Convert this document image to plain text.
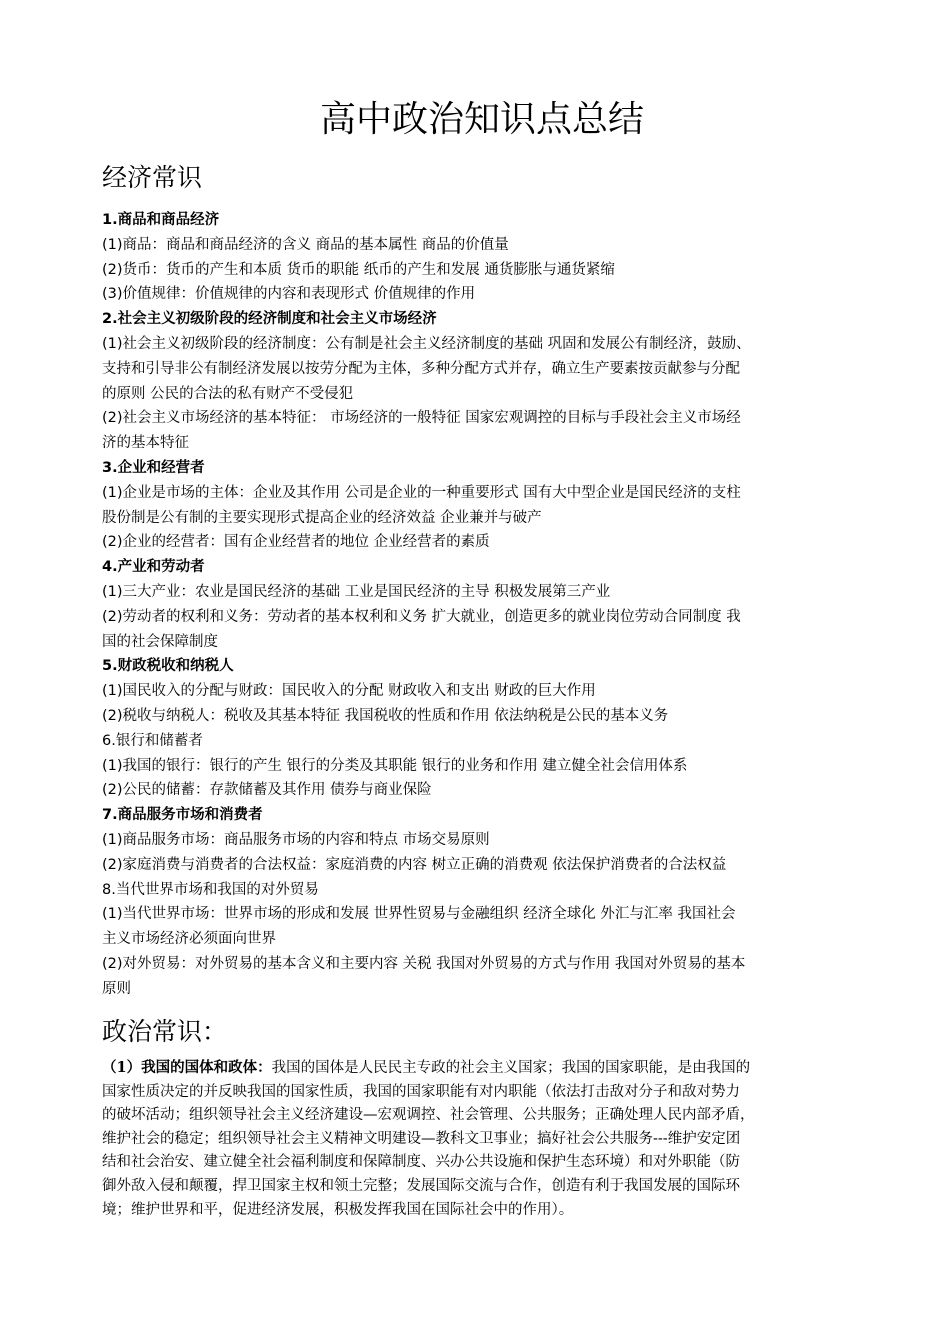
高中政治知识点总结
经济常识

1.商品和商品经济

(1)商品：商品和商品经济的含义 商品的基本属性 商品的价值量

(2)货币：货币的产生和本质 货币的职能 纸币的产生和发展 通货膨胀与通货紧缩

(3)价值规律：价值规律的内容和表现形式 价值规律的作用

2.社会主义初级阶段的经济制度和社会主义市场经济

(1)社会主义初级阶段的经济制度：公有制是社会主义经济制度的基础 巩固和发展公有制经济，鼓励、

支持和引导非公有制经济发展以按劳分配为主体，多种分配方式并存，确立生产要素按贡献参与分配

的原则 公民的合法的私有财产不受侵犯

(2)社会主义市场经济的基本特征： 市场经济的一般特征 国家宏观调控的目标与手段社会主义市场经

济的基本特征

3.企业和经营者

(1)企业是市场的主体：企业及其作用 公司是企业的一种重要形式 国有大中型企业是国民经济的支柱

股份制是公有制的主要实现形式提高企业的经济效益 企业兼并与破产

(2)企业的经营者：国有企业经营者的地位 企业经营者的素质

4.产业和劳动者

(1)三大产业：农业是国民经济的基础 工业是国民经济的主导 积极发展第三产业

(2)劳动者的权利和义务：劳动者的基本权利和义务 扩大就业，创造更多的就业岗位劳动合同制度 我

国的社会保障制度

5.财政税收和纳税人

(1)国民收入的分配与财政：国民收入的分配 财政收入和支出 财政的巨大作用

(2)税收与纳税人：税收及其基本特征 我国税收的性质和作用 依法纳税是公民的基本义务

6.银行和储蓄者

(1)我国的银行：银行的产生 银行的分类及其职能 银行的业务和作用 建立健全社会信用体系

(2)公民的储蓄：存款储蓄及其作用 债券与商业保险

7.商品服务市场和消费者

(1)商品服务市场：商品服务市场的内容和特点 市场交易原则

(2)家庭消费与消费者的合法权益：家庭消费的内容 树立正确的消费观 依法保护消费者的合法权益

8.当代世界市场和我国的对外贸易

(1)当代世界市场：世界市场的形成和发展 世界性贸易与金融组织 经济全球化 外汇与汇率 我国社会

主义市场经济必须面向世界

(2)对外贸易：对外贸易的基本含义和主要内容 关税 我国对外贸易的方式与作用 我国对外贸易的基本

原则

政治常识：

（1）我国的国体和政体：我国的国体是人民民主专政的社会主义国家；我国的国家职能，是由我国的

国家性质决定的并反映我国的国家性质，我国的国家职能有对内职能（依法打击敌对分子和敌对势力

的破坏活动；组织领导社会主义经济建设—宏观调控、社会管理、公共服务；正确处理人民内部矛盾，

维护社会的稳定；组织领导社会主义精神文明建设—教科文卫事业；搞好社会公共服务---维护安定团

结和社会治安、建立健全社会福利制度和保障制度、兴办公共设施和保护生态环境）和对外职能（防

御外敌入侵和颠覆，捍卫国家主权和领土完整；发展国际交流与合作，创造有利于我国发展的国际环

境；维护世界和平，促进经济发展，积极发挥我国在国际社会中的作用）。
